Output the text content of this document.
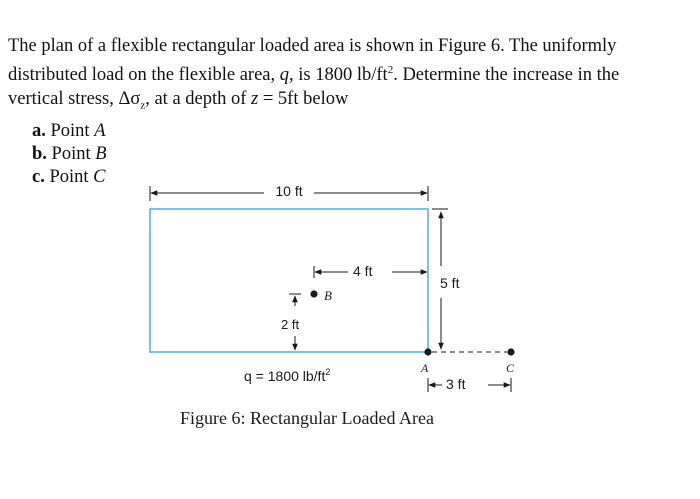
The plan of a flexible rectangular loaded area is shown in Figure 6. The uniformly

distributed load on the flexible area, q, is 1800 $lb/ft^2$. Determine the increase in the

vertical stress, $\Delta\sigma_z$, at a depth of z = 5ft below

a. Point A
b. Point B
c. Point C
10 ft
5 ft
4 ft
2 ft
B
A	C
3 ft
q = 1800 $lb/ft^2$
Figure 6: Rectangular Loaded Area
